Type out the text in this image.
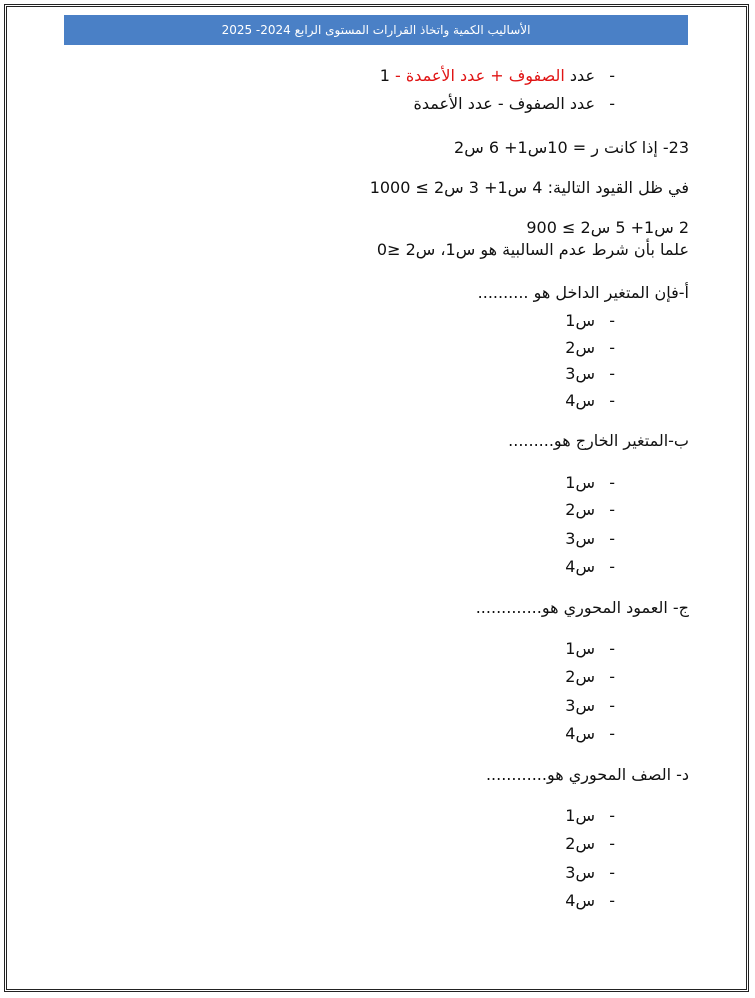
الأساليب الكمية واتخاذ القرارات المستوى الرابع 2024- 2025
-
عدد الصفوف + عدد الأعمدة - 1
-
عدد الصفوف - عدد الأعمدة
23- إذا كانت ر = 10س1+ 6 س2
في ظل القيود التالية: 4 س1+ 3 س2 ≥ 1000
2 س1+ 5 س2 ≥ 900
علما بأن شرط عدم السالبية هو س1، س2 ≤0
أ-فإن المتغير الداخل هو ..........
-
س1
-
س2
-
س3
-
س4
ب-المتغير الخارج هو.........
-
س1
-
س2
-
س3
-
س4
ج- العمود المحوري هو.............
-
س1
-
س2
-
س3
-
س4
د- الصف المحوري هو............
-
س1
-
س2
-
س3
-
س4
